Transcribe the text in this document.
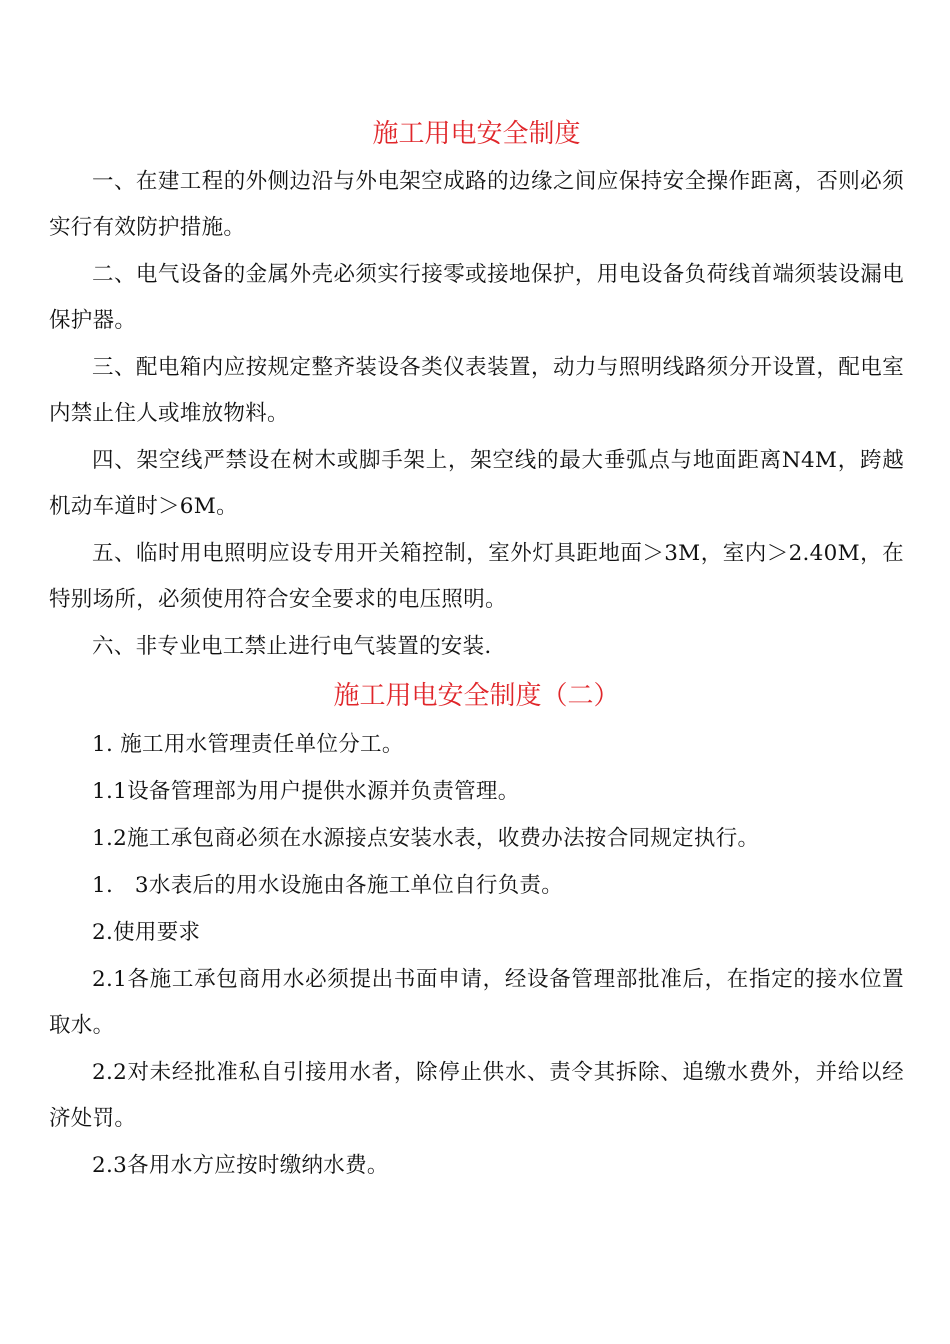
施工用电安全制度

一、在建工程的外侧边沿与外电架空成路的边缘之间应保持安全操作距离，否则必须实行有效防护措施。

二、电气设备的金属外壳必须实行接零或接地保护，用电设备负荷线首端须装设漏电保护器。

三、配电箱内应按规定整齐装设各类仪表装置，动力与照明线路须分开设置，配电室内禁止住人或堆放物料。

四、架空线严禁设在树木或脚手架上，架空线的最大垂弧点与地面距离N4M，跨越机动车道时＞6M。

五、临时用电照明应设专用开关箱控制，室外灯具距地面＞3M，室内＞2.40M，在特别场所，必须使用符合安全要求的电压照明。

六、非专业电工禁止进行电气装置的安装.

施工用电安全制度（二）

1. 施工用水管理责任单位分工。

1.1设备管理部为用户提供水源并负责管理。

1.2施工承包商必须在水源接点安装水表，收费办法按合同规定执行。

1.　3水表后的用水设施由各施工单位自行负责。

2.使用要求

2.1各施工承包商用水必须提出书面申请，经设备管理部批准后，在指定的接水位置取水。

2.2对未经批准私自引接用水者，除停止供水、责令其拆除、追缴水费外，并给以经济处罚。

2.3各用水方应按时缴纳水费。
